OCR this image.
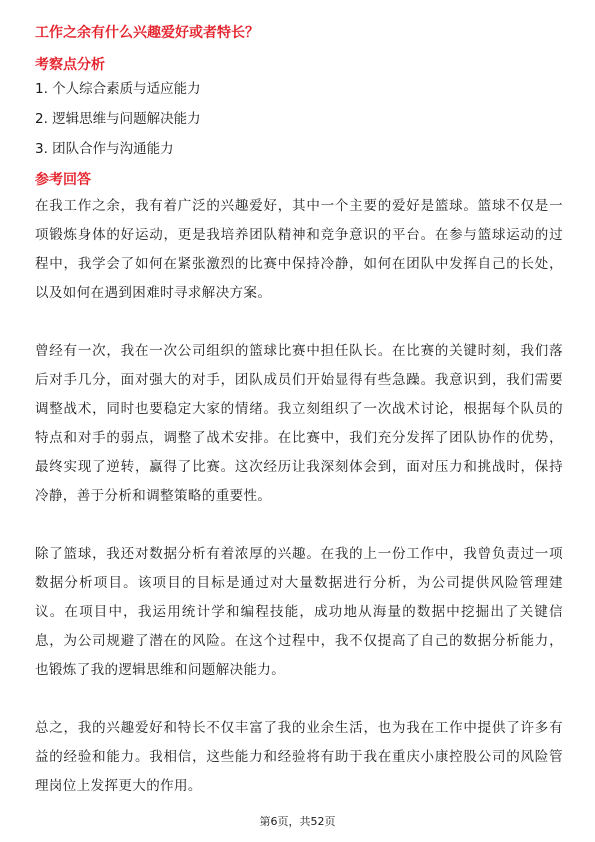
工作之余有什么兴趣爱好或者特长？
考察点分析
1. 个人综合素质与适应能力
2. 逻辑思维与问题解决能力
3. 团队合作与沟通能力
参考回答

在我工作之余，我有着广泛的兴趣爱好，其中一个主要的爱好是篮球。篮球不仅是一项锻炼身体的好运动，更是我培养团队精神和竞争意识的平台。在参与篮球运动的过程中，我学会了如何在紧张激烈的比赛中保持冷静，如何在团队中发挥自己的长处，以及如何在遇到困难时寻求解决方案。

曾经有一次，我在一次公司组织的篮球比赛中担任队长。在比赛的关键时刻，我们落后对手几分，面对强大的对手，团队成员们开始显得有些急躁。我意识到，我们需要调整战术，同时也要稳定大家的情绪。我立刻组织了一次战术讨论，根据每个队员的特点和对手的弱点，调整了战术安排。在比赛中，我们充分发挥了团队协作的优势，最终实现了逆转，赢得了比赛。这次经历让我深刻体会到，面对压力和挑战时，保持冷静，善于分析和调整策略的重要性。

除了篮球，我还对数据分析有着浓厚的兴趣。在我的上一份工作中，我曾负责过一项数据分析项目。该项目的目标是通过对大量数据进行分析，为公司提供风险管理建议。在项目中，我运用统计学和编程技能，成功地从海量的数据中挖掘出了关键信息，为公司规避了潜在的风险。在这个过程中，我不仅提高了自己的数据分析能力，也锻炼了我的逻辑思维和问题解决能力。

总之，我的兴趣爱好和特长不仅丰富了我的业余生活，也为我在工作中提供了许多有益的经验和能力。我相信，这些能力和经验将有助于我在重庆小康控股公司的风险管理岗位上发挥更大的作用。

第6页，共52页
